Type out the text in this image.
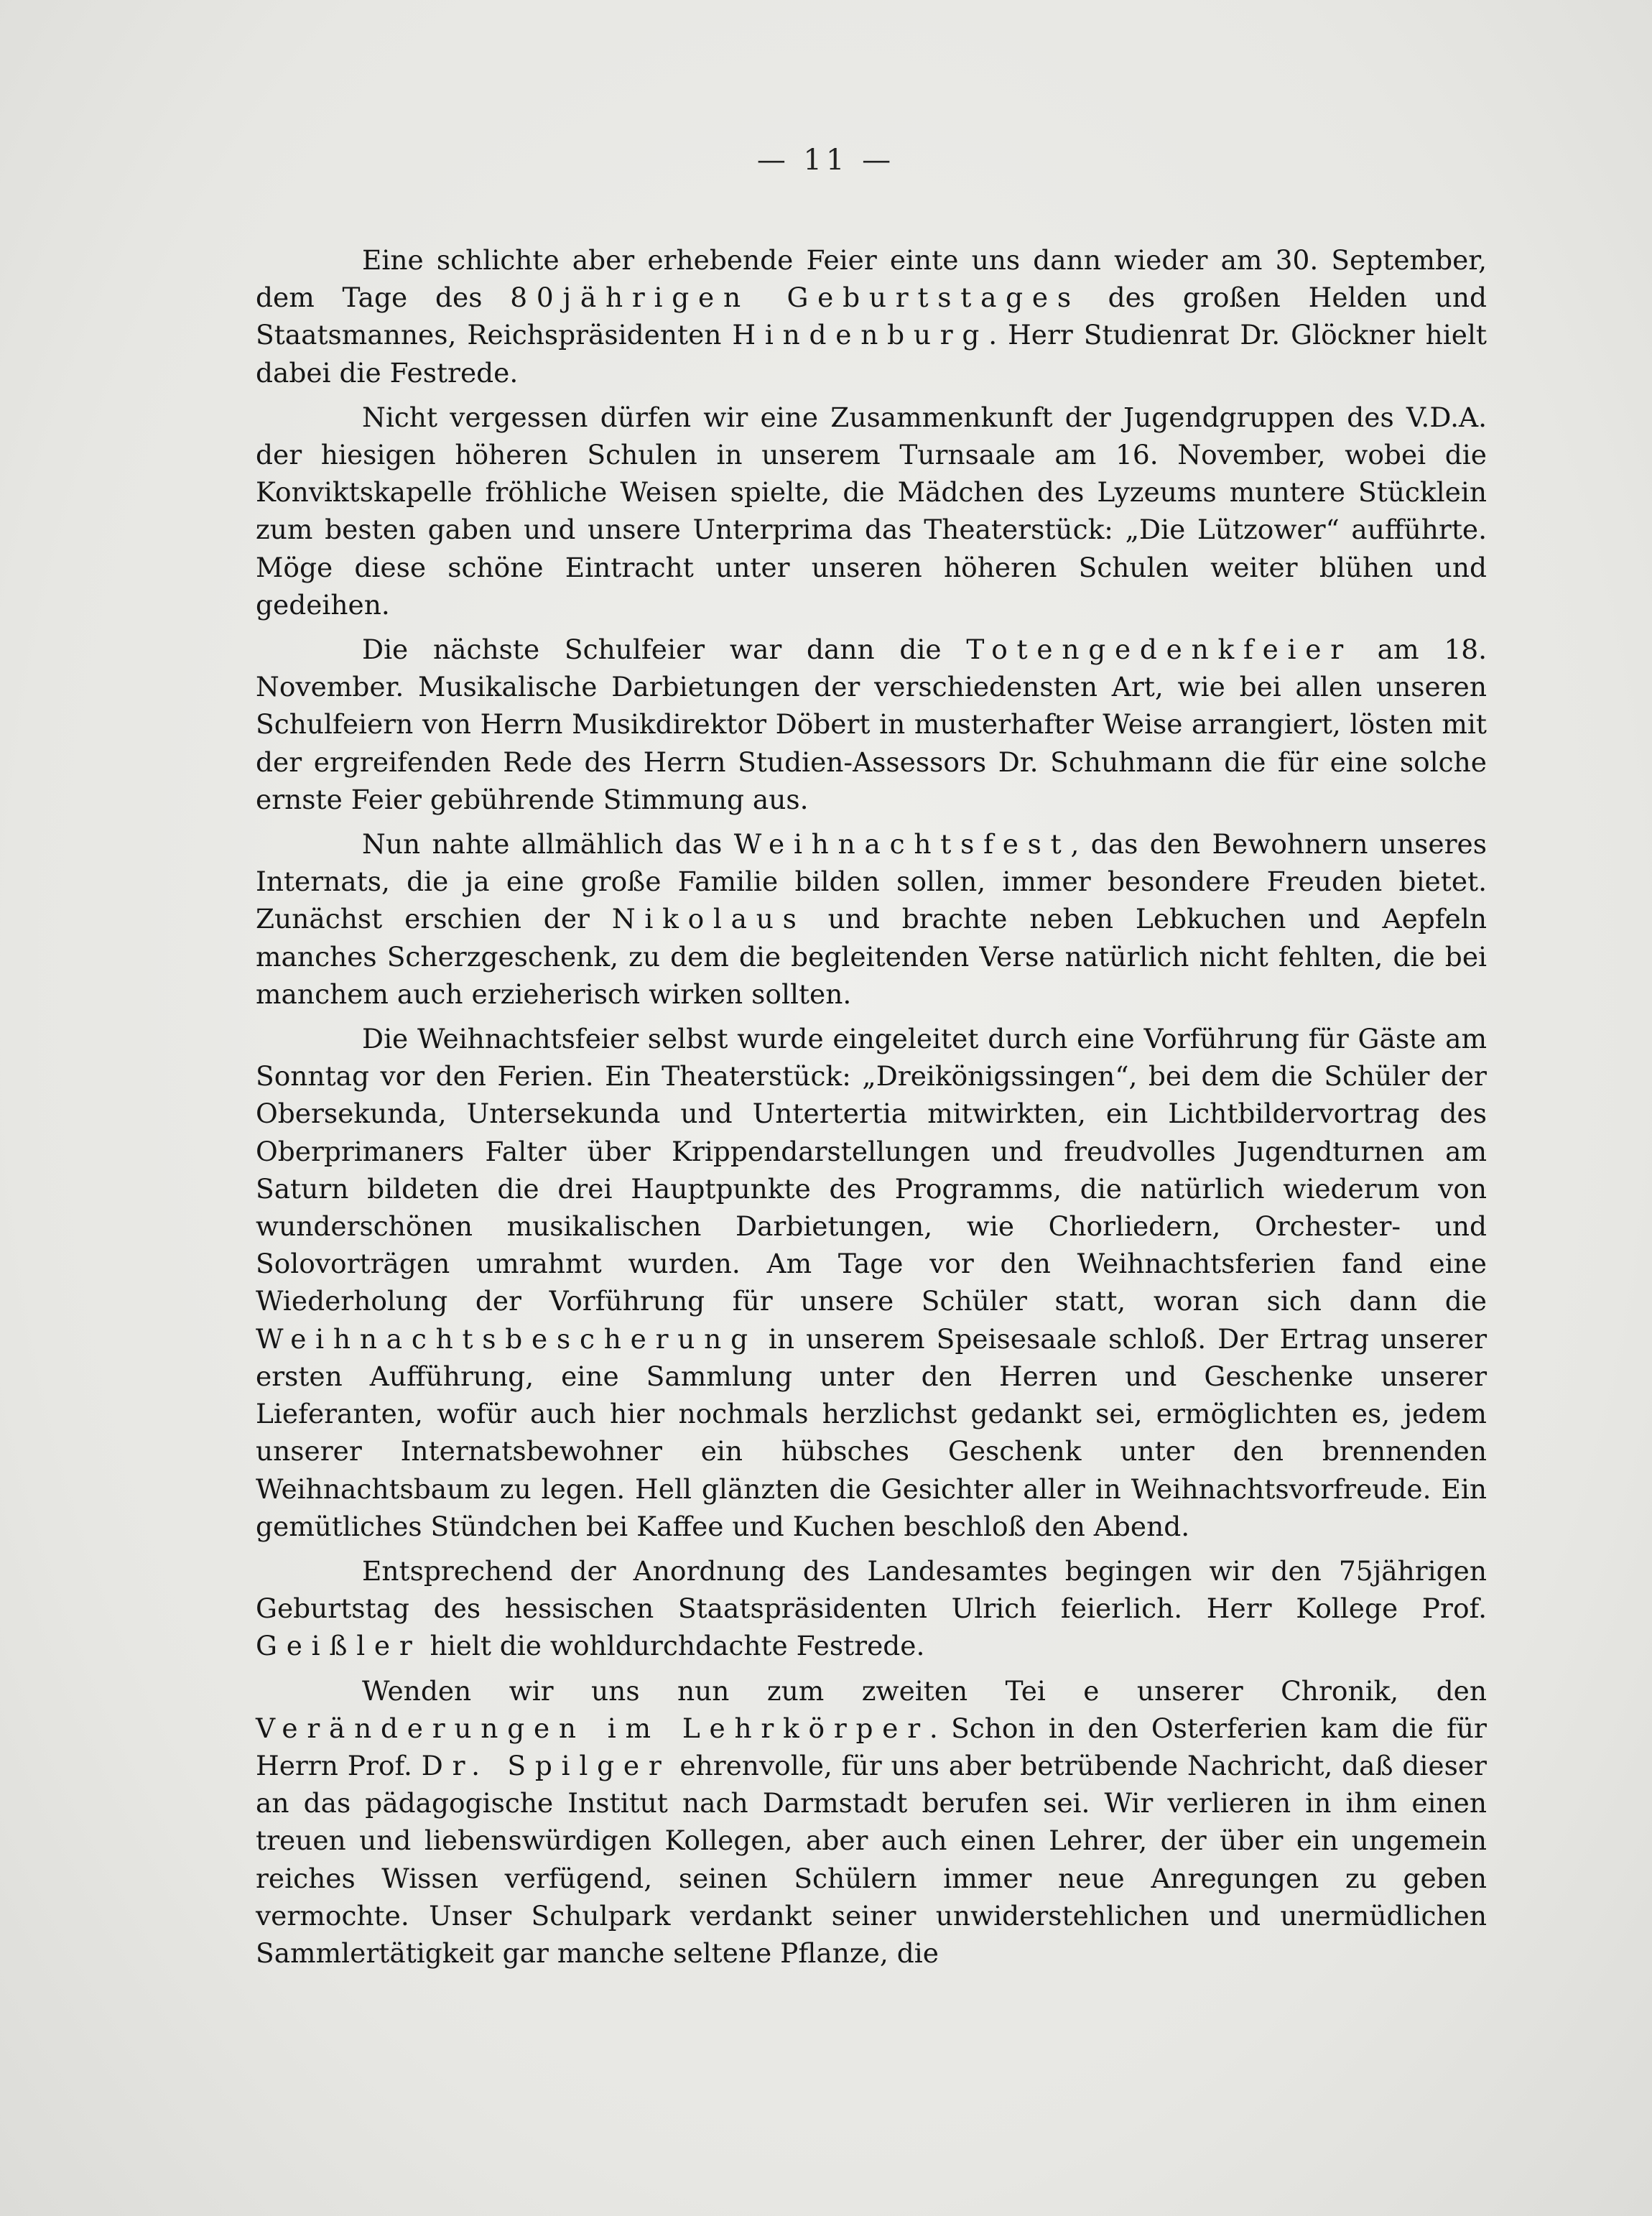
— 11 —

Eine schlichte aber erhebende Feier einte uns dann wieder am 30. September, dem Tage des 80jährigen Geburtstages des großen Helden und Staatsmannes, Reichspräsidenten Hindenburg. Herr Studienrat Dr. Glöckner hielt dabei die Festrede.

Nicht vergessen dürfen wir eine Zusammenkunft der Jugendgruppen des V.D.A. der hiesigen höheren Schulen in unserem Turnsaale am 16. November, wobei die Konviktskapelle fröhliche Weisen spielte, die Mädchen des Lyzeums muntere Stücklein zum besten gaben und unsere Unterprima das Theaterstück: „Die Lützower“ aufführte. Möge diese schöne Eintracht unter unseren höheren Schulen weiter blühen und gedeihen.

Die nächste Schulfeier war dann die Totengedenkfeier am 18. November. Musikalische Darbietungen der verschiedensten Art, wie bei allen unseren Schulfeiern von Herrn Musikdirektor Döbert in musterhafter Weise arrangiert, lösten mit der ergreifenden Rede des Herrn Studien-Assessors Dr. Schuhmann die für eine solche ernste Feier gebührende Stimmung aus.

Nun nahte allmählich das Weihnachtsfest, das den Bewohnern unseres Internats, die ja eine große Familie bilden sollen, immer besondere Freuden bietet. Zunächst erschien der Nikolaus und brachte neben Lebkuchen und Aepfeln manches Scherzgeschenk, zu dem die begleitenden Verse natürlich nicht fehlten, die bei manchem auch erzieherisch wirken sollten.

Die Weihnachtsfeier selbst wurde eingeleitet durch eine Vorführung für Gäste am Sonntag vor den Ferien. Ein Theaterstück: „Dreikönigssingen“, bei dem die Schüler der Obersekunda, Untersekunda und Untertertia mitwirkten, ein Lichtbildervortrag des Oberprimaners Falter über Krippendarstellungen und freudvolles Jugendturnen am Saturn bildeten die drei Hauptpunkte des Programms, die natürlich wiederum von wunderschönen musikalischen Darbietungen, wie Chorliedern, Orchester- und Solovorträgen umrahmt wurden. Am Tage vor den Weihnachtsferien fand eine Wiederholung der Vorführung für unsere Schüler statt, woran sich dann die Weihnachtsbescherung in unserem Speisesaale schloß. Der Ertrag unserer ersten Aufführung, eine Sammlung unter den Herren und Geschenke unserer Lieferanten, wofür auch hier nochmals herzlichst gedankt sei, ermöglichten es, jedem unserer Internatsbewohner ein hübsches Geschenk unter den brennenden Weihnachtsbaum zu legen. Hell glänzten die Gesichter aller in Weihnachtsvorfreude. Ein gemütliches Stündchen bei Kaffee und Kuchen beschloß den Abend.

Entsprechend der Anordnung des Landesamtes begingen wir den 75jährigen Geburtstag des hessischen Staatspräsidenten Ulrich feierlich. Herr Kollege Prof. Geißler hielt die wohldurchdachte Festrede.

Wenden wir uns nun zum zweiten Tei e unserer Chronik, den Veränderungen im Lehrkörper. Schon in den Osterferien kam die für Herrn Prof. Dr. Spilger ehrenvolle, für uns aber betrübende Nachricht, daß dieser an das pädagogische Institut nach Darmstadt berufen sei. Wir verlieren in ihm einen treuen und liebenswürdigen Kollegen, aber auch einen Lehrer, der über ein ungemein reiches Wissen verfügend, seinen Schülern immer neue Anregungen zu geben vermochte. Unser Schulpark verdankt seiner unwiderstehlichen und unermüdlichen Sammlertätigkeit gar manche seltene Pflanze, die
